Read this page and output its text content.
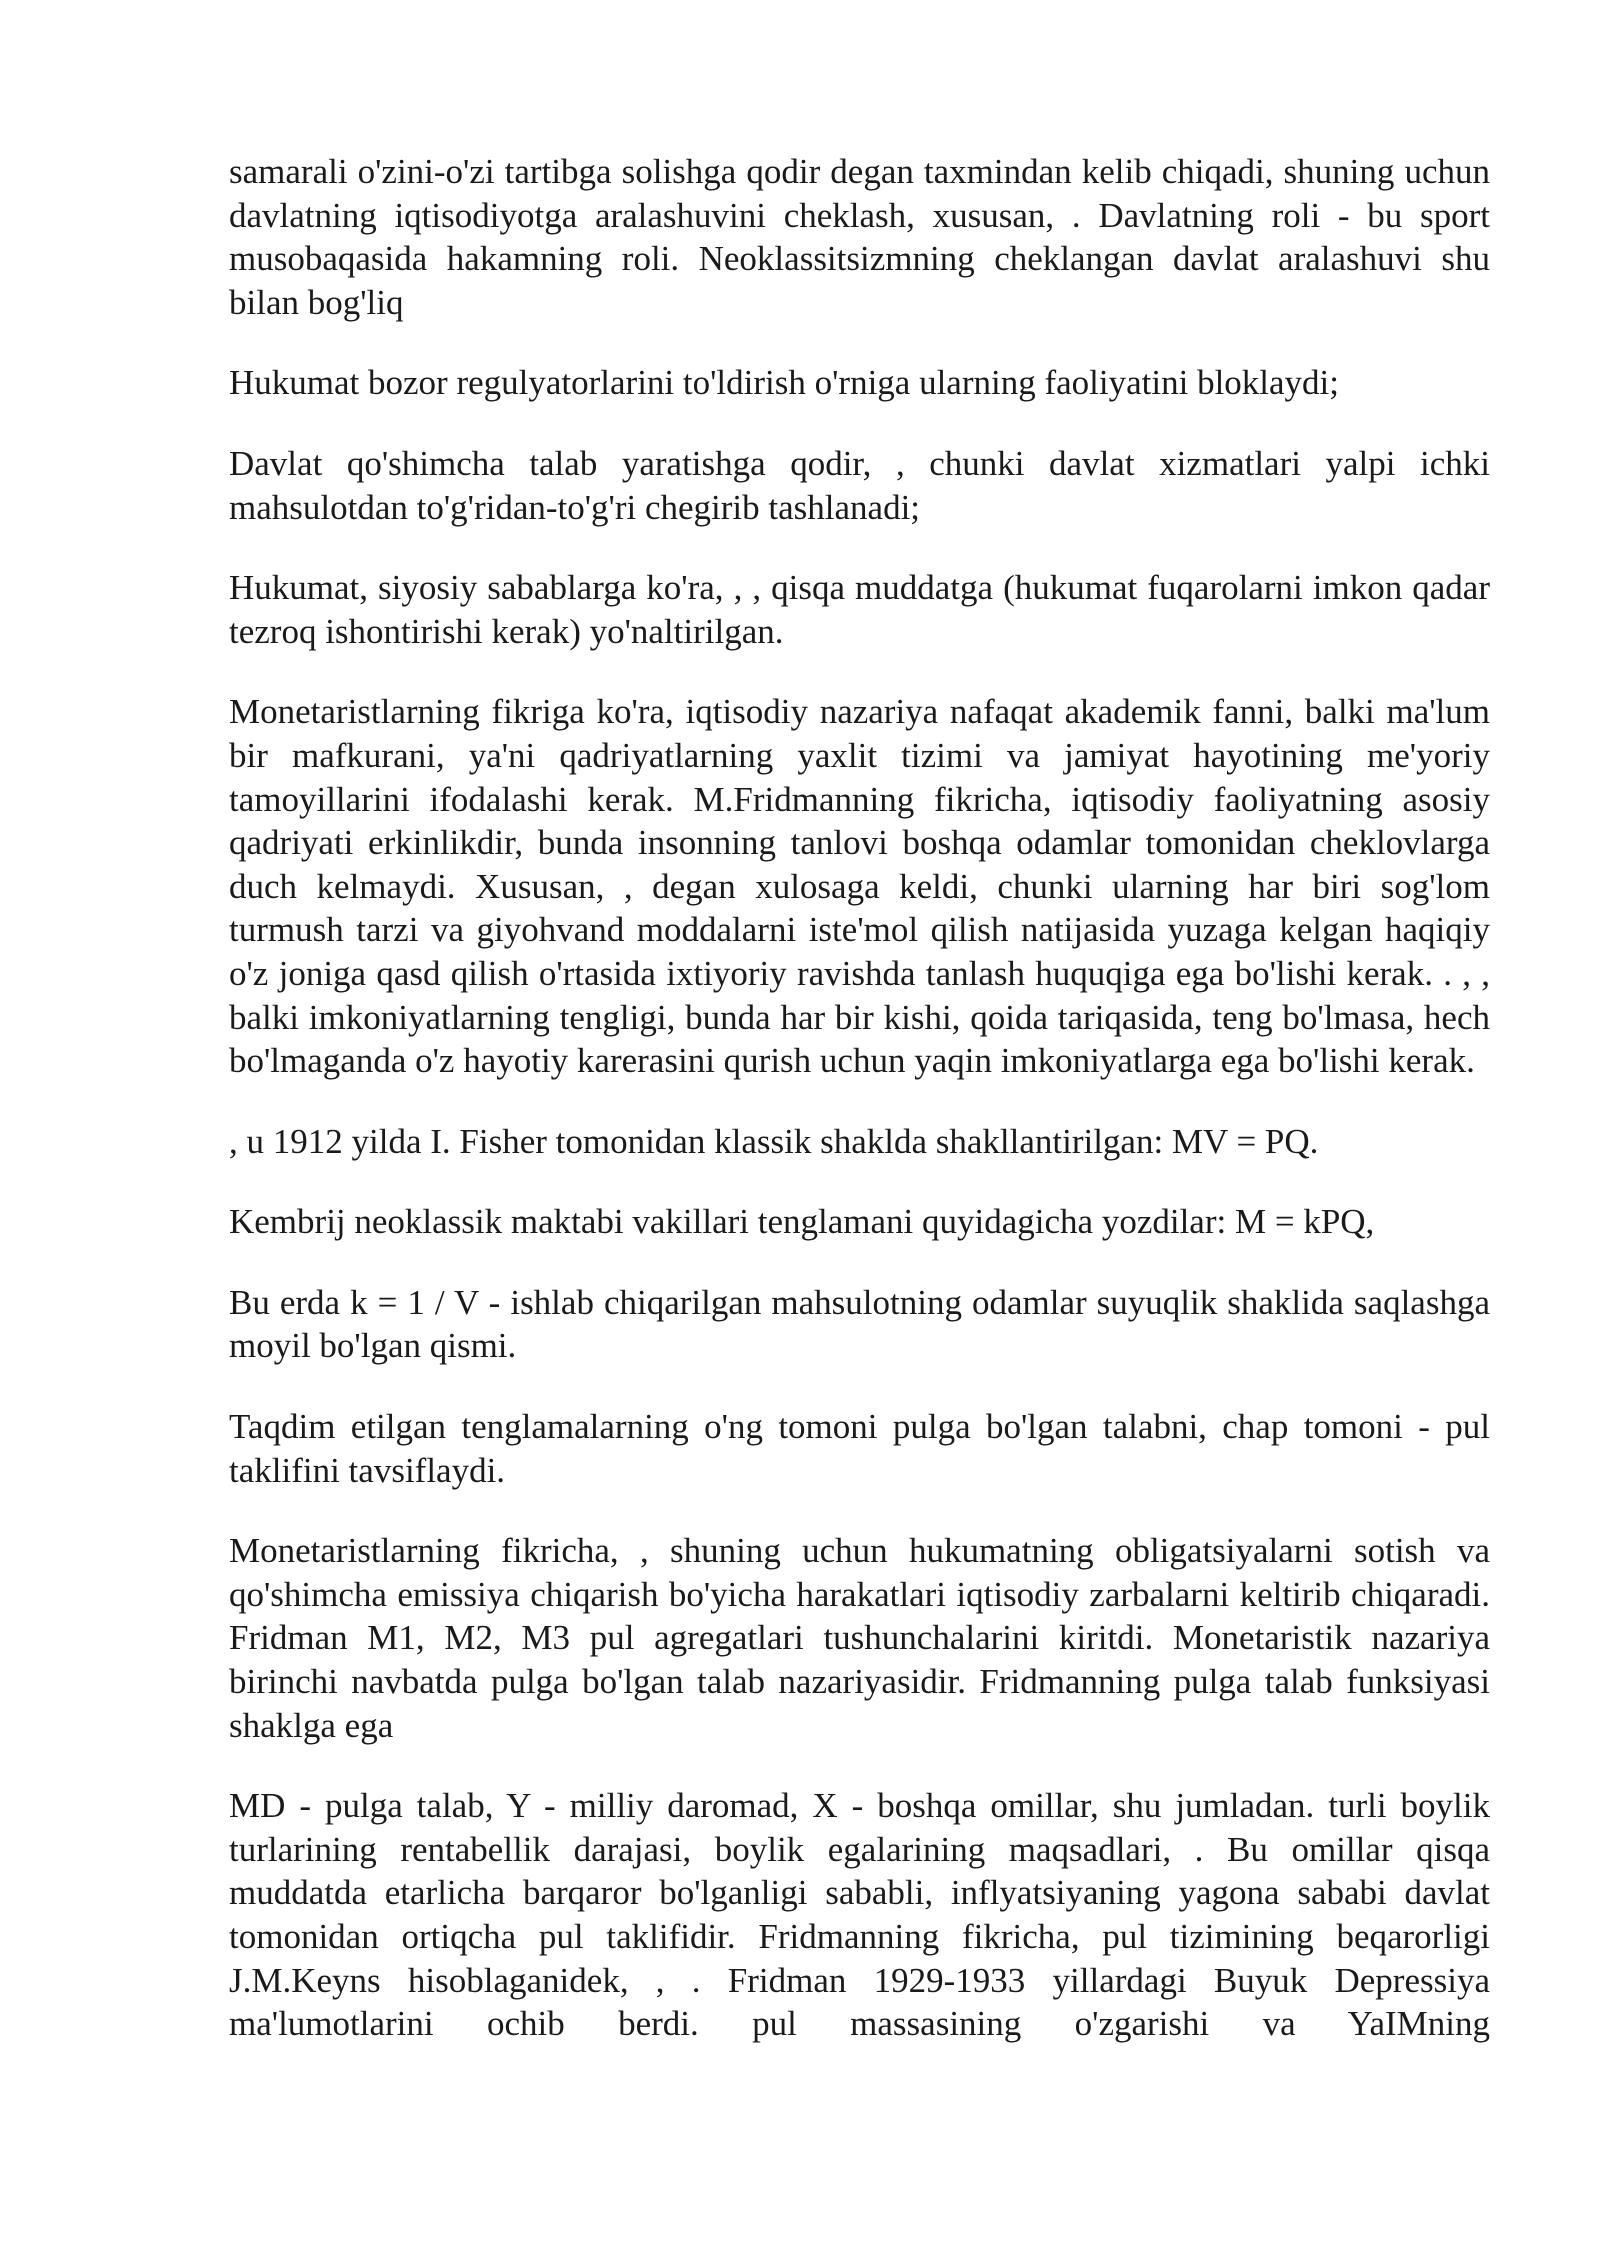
samarali o'zini-o'zi tartibga solishga qodir degan taxmindan kelib chiqadi, shuning uchun davlatning iqtisodiyotga aralashuvini cheklash, xususan, . Davlatning roli - bu sport musobaqasida hakamning roli. Neoklassitsizmning cheklangan davlat aralashuvi shu bilan bog'liq

Hukumat bozor regulyatorlarini to'ldirish o'rniga ularning faoliyatini bloklaydi;

Davlat qo'shimcha talab yaratishga qodir, , chunki davlat xizmatlari yalpi ichki mahsulotdan to'g'ridan-to'g'ri chegirib tashlanadi;

Hukumat, siyosiy sabablarga ko'ra, , , qisqa muddatga (hukumat fuqarolarni imkon qadar tezroq ishontirishi kerak) yo'naltirilgan.

Monetaristlarning fikriga ko'ra, iqtisodiy nazariya nafaqat akademik fanni, balki ma'lum bir mafkurani, ya'ni qadriyatlarning yaxlit tizimi va jamiyat hayotining me'yoriy tamoyillarini ifodalashi kerak. M.Fridmanning fikricha, iqtisodiy faoliyatning asosiy qadriyati erkinlikdir, bunda insonning tanlovi boshqa odamlar tomonidan cheklovlarga duch kelmaydi. Xususan, , degan xulosaga keldi, chunki ularning har biri sog'lom turmush tarzi va giyohvand moddalarni iste'mol qilish natijasida yuzaga kelgan haqiqiy o'z joniga qasd qilish o'rtasida ixtiyoriy ravishda tanlash huquqiga ega bo'lishi kerak. . , , balki imkoniyatlarning tengligi, bunda har bir kishi, qoida tariqasida, teng bo'lmasa, hech bo'lmaganda o'z hayotiy karerasini qurish uchun yaqin imkoniyatlarga ega bo'lishi kerak.

, u 1912 yilda I. Fisher tomonidan klassik shaklda shakllantirilgan: MV = PQ.

Kembrij neoklassik maktabi vakillari tenglamani quyidagicha yozdilar: M = kPQ,

Bu erda k = 1 / V - ishlab chiqarilgan mahsulotning odamlar suyuqlik shaklida saqlashga moyil bo'lgan qismi.

Taqdim etilgan tenglamalarning o'ng tomoni pulga bo'lgan talabni, chap tomoni - pul taklifini tavsiflaydi.

Monetaristlarning fikricha, , shuning uchun hukumatning obligatsiyalarni sotish va qo'shimcha emissiya chiqarish bo'yicha harakatlari iqtisodiy zarbalarni keltirib chiqaradi. Fridman M1, M2, M3 pul agregatlari tushunchalarini kiritdi. Monetaristik nazariya birinchi navbatda pulga bo'lgan talab nazariyasidir. Fridmanning pulga talab funksiyasi shaklga ega

MD - pulga talab, Y - milliy daromad, X - boshqa omillar, shu jumladan. turli boylik turlarining rentabellik darajasi, boylik egalarining maqsadlari, . Bu omillar qisqa muddatda etarlicha barqaror bo'lganligi sababli, inflyatsiyaning yagona sababi davlat tomonidan ortiqcha pul taklifidir. Fridmanning fikricha, pul tizimining beqarorligi J.M.Keyns hisoblaganidek, , . Fridman 1929-1933 yillardagi Buyuk Depressiya ma'lumotlarini ochib berdi. pul massasining o'zgarishi va YaIMning
